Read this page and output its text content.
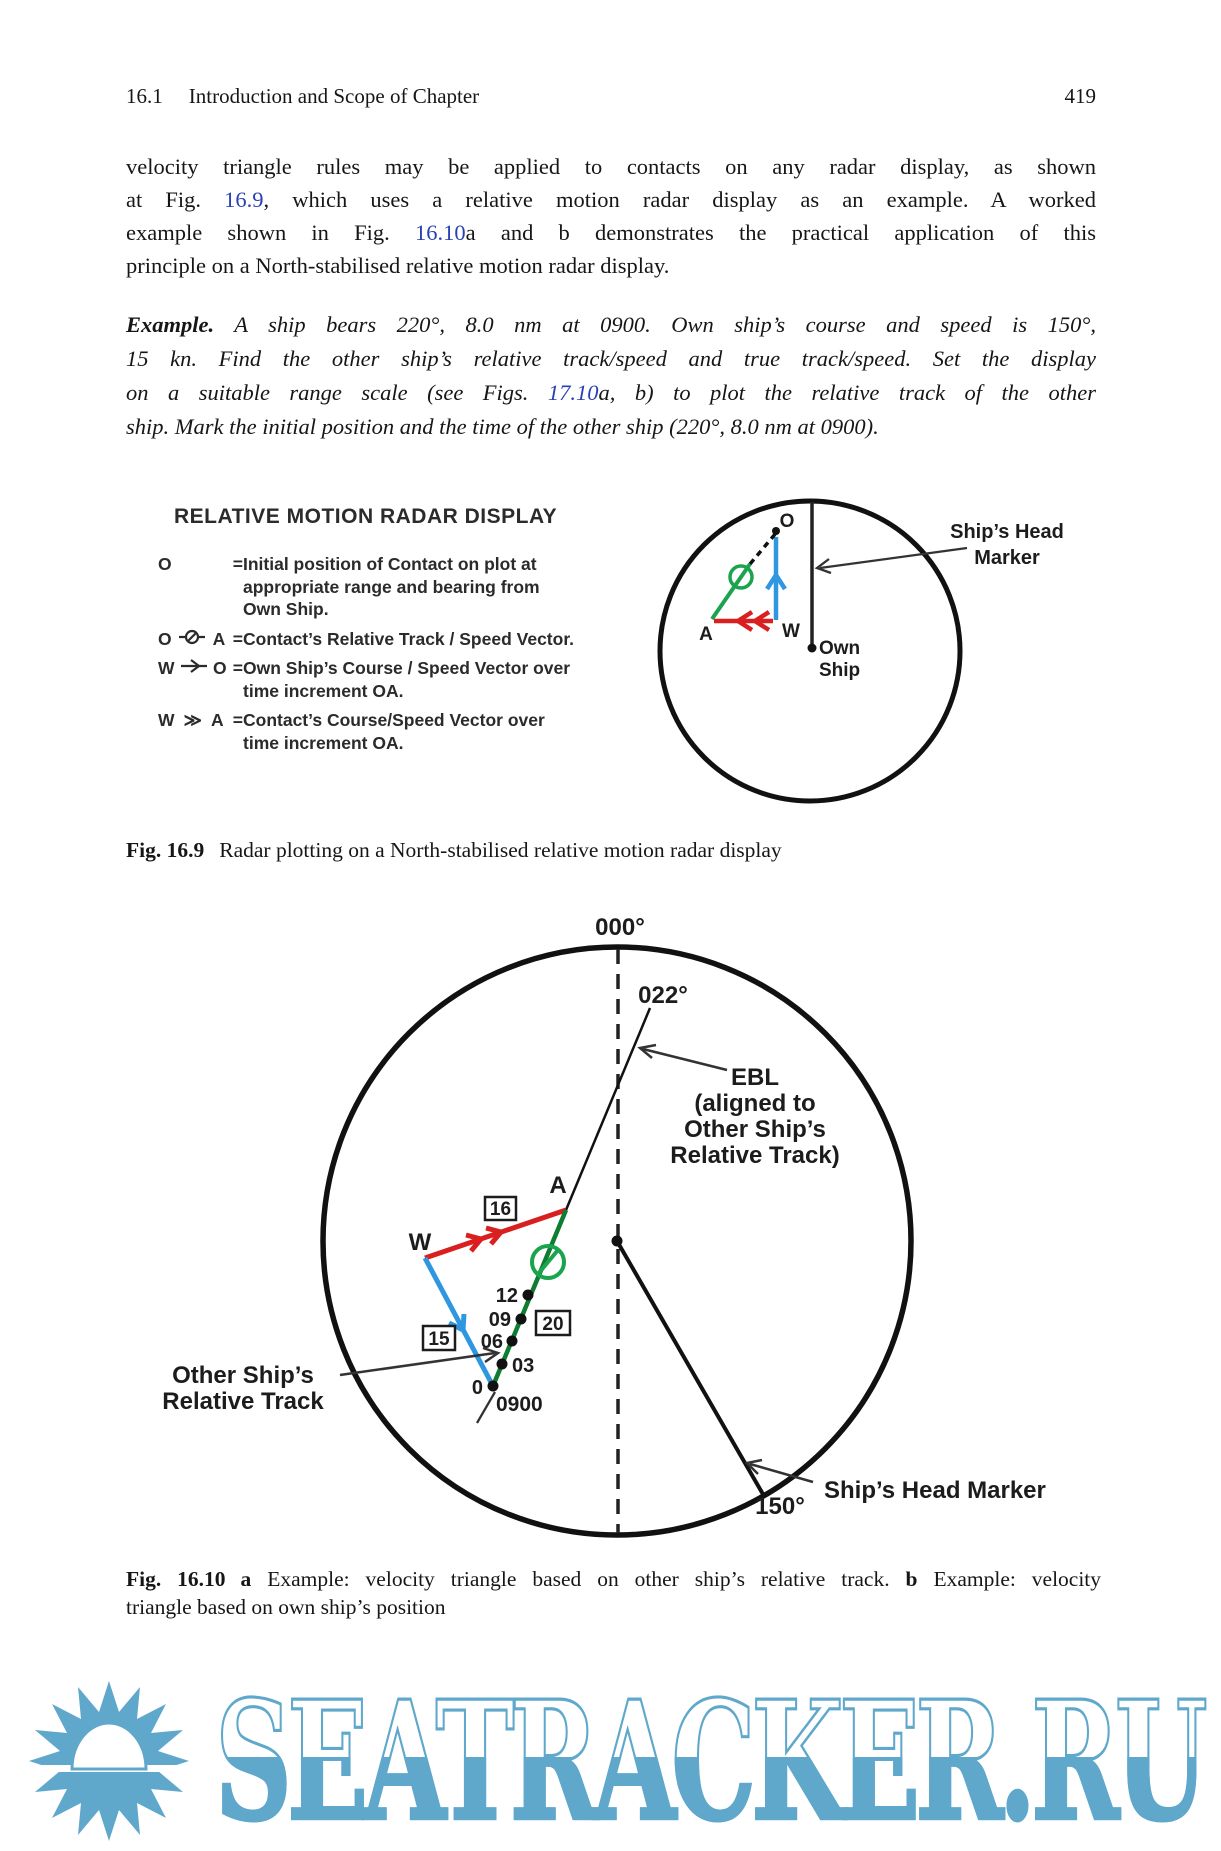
16.1 Introduction and Scope of Chapter	419
velocity triangle rules may be applied to contacts on any radar display, as shown
at Fig. 16.9, which uses a relative motion radar display as an example. A worked
example shown in Fig. 16.10a and b demonstrates the practical application of this
principle on a North-stabilised relative motion radar display.
Example. A ship bears 220°, 8.0 nm at 0900. Own ship’s course and speed is 150°,
15 kn. Find the other ship’s relative track/speed and true track/speed. Set the display
on a suitable range scale (see Figs. 17.10a, b) to plot the relative track of the other
ship. Mark the initial position and the time of the other ship (220°, 8.0 nm at 0900).
RELATIVE MOTION RADAR DISPLAY
O	= Initial position of Contact on plot at
appropriate range and bearing from
Own Ship.
O A = Contact’s Relative Track / Speed Vector.
W O = Own Ship’s Course / Speed Vector over
time increment OA.
W ≫ A = Contact’s Course/Speed Vector over
time increment OA.
Own
Ship
O
W
A
Ship’s Head
Marker
Fig. 16.9 Radar plotting on a North-stabilised relative motion radar display
000°
022°
EBL
(aligned to
Other Ship’s
Relative Track)
12
09
06
03
0
0900
W
A
16
15
20
Other Ship’s
Relative Track
150°
Ship’s Head Marker
Fig. 16.10 a Example: velocity triangle based on other ship’s relative track. b Example: velocity
triangle based on own ship’s position
SEATRACKER.RU
